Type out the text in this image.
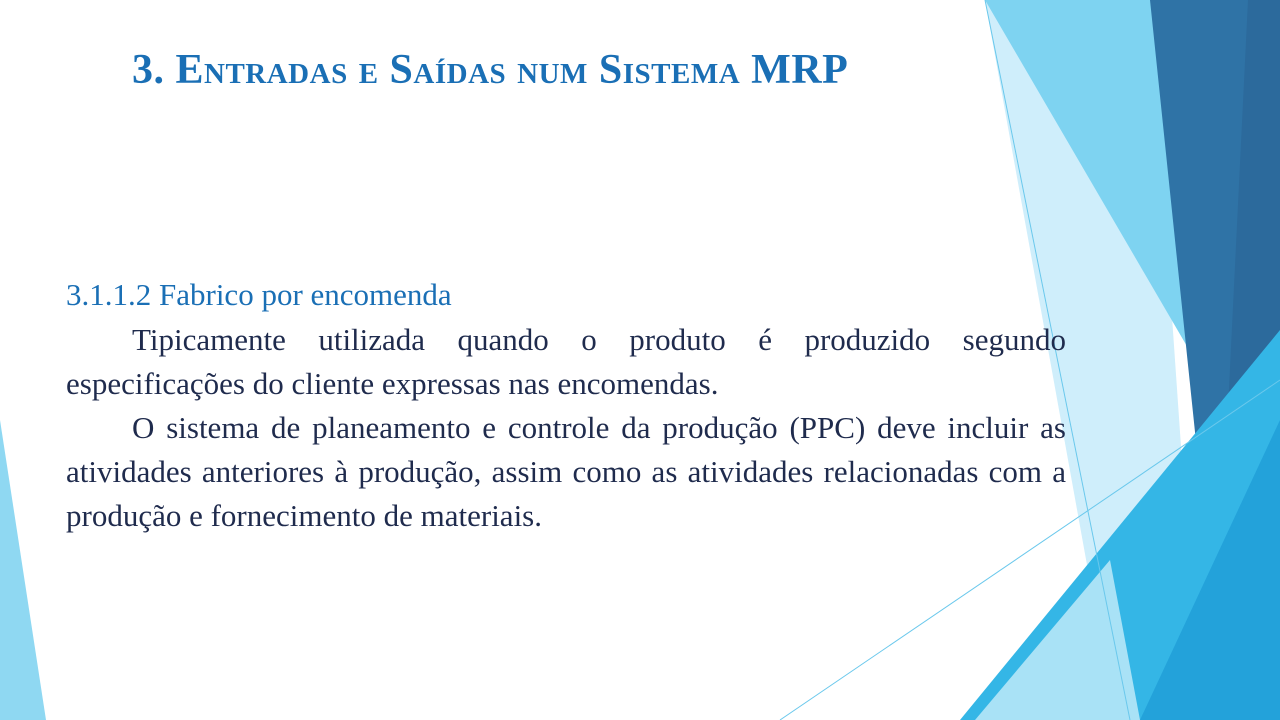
3. Entradas e Saídas num Sistema MRP

3.1.1.2 Fabrico por encomenda

Tipicamente utilizada quando o produto é produzido segundo especificações do cliente expressas nas encomendas.

O sistema de planeamento e controle da produção (PPC) deve incluir as atividades anteriores à produção, assim como as atividades relacionadas com a produção e fornecimento de materiais.
